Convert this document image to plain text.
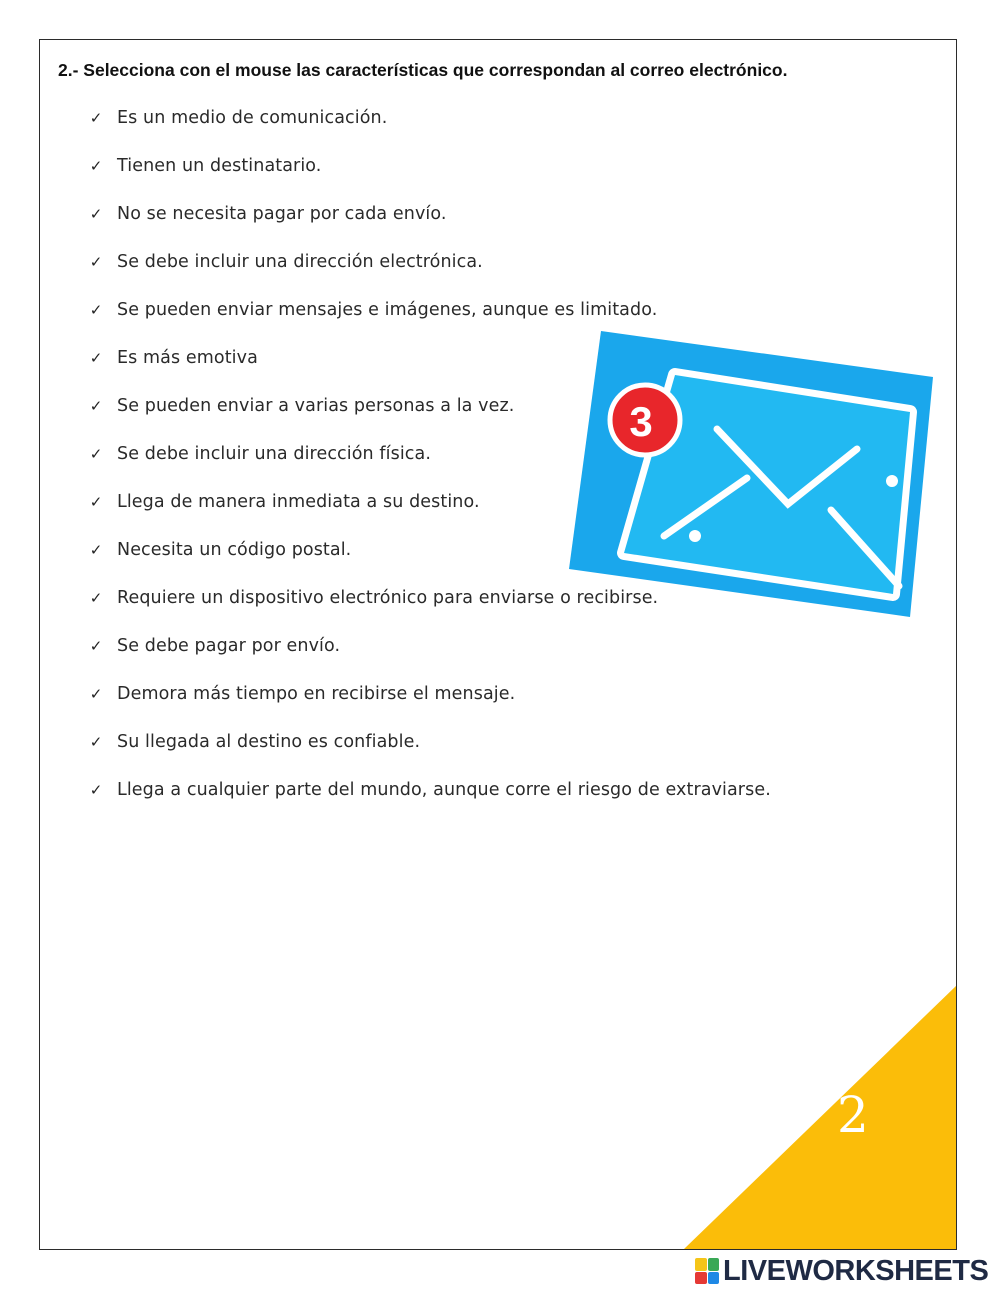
2.- Selecciona con el mouse las características que correspondan al correo electrónico.

✓ Es un medio de comunicación.
✓ Tienen un destinatario.
✓ No se necesita pagar por cada envío.
✓ Se debe incluir una dirección electrónica.
✓ Se pueden enviar mensajes e imágenes, aunque es limitado.
✓ Es más emotiva
✓ Se pueden enviar a varias personas a la vez.
✓ Se debe incluir una dirección física.
✓ Llega de manera inmediata a su destino.
✓ Necesita un código postal.
✓ Requiere un dispositivo electrónico para enviarse o recibirse.
✓ Se debe pagar por envío.
✓ Demora más tiempo en recibirse el mensaje.
✓ Su llegada al destino es confiable.
✓ Llega a cualquier parte del mundo, aunque corre el riesgo de extraviarse.
3
2
LIVEWORKSHEETS
